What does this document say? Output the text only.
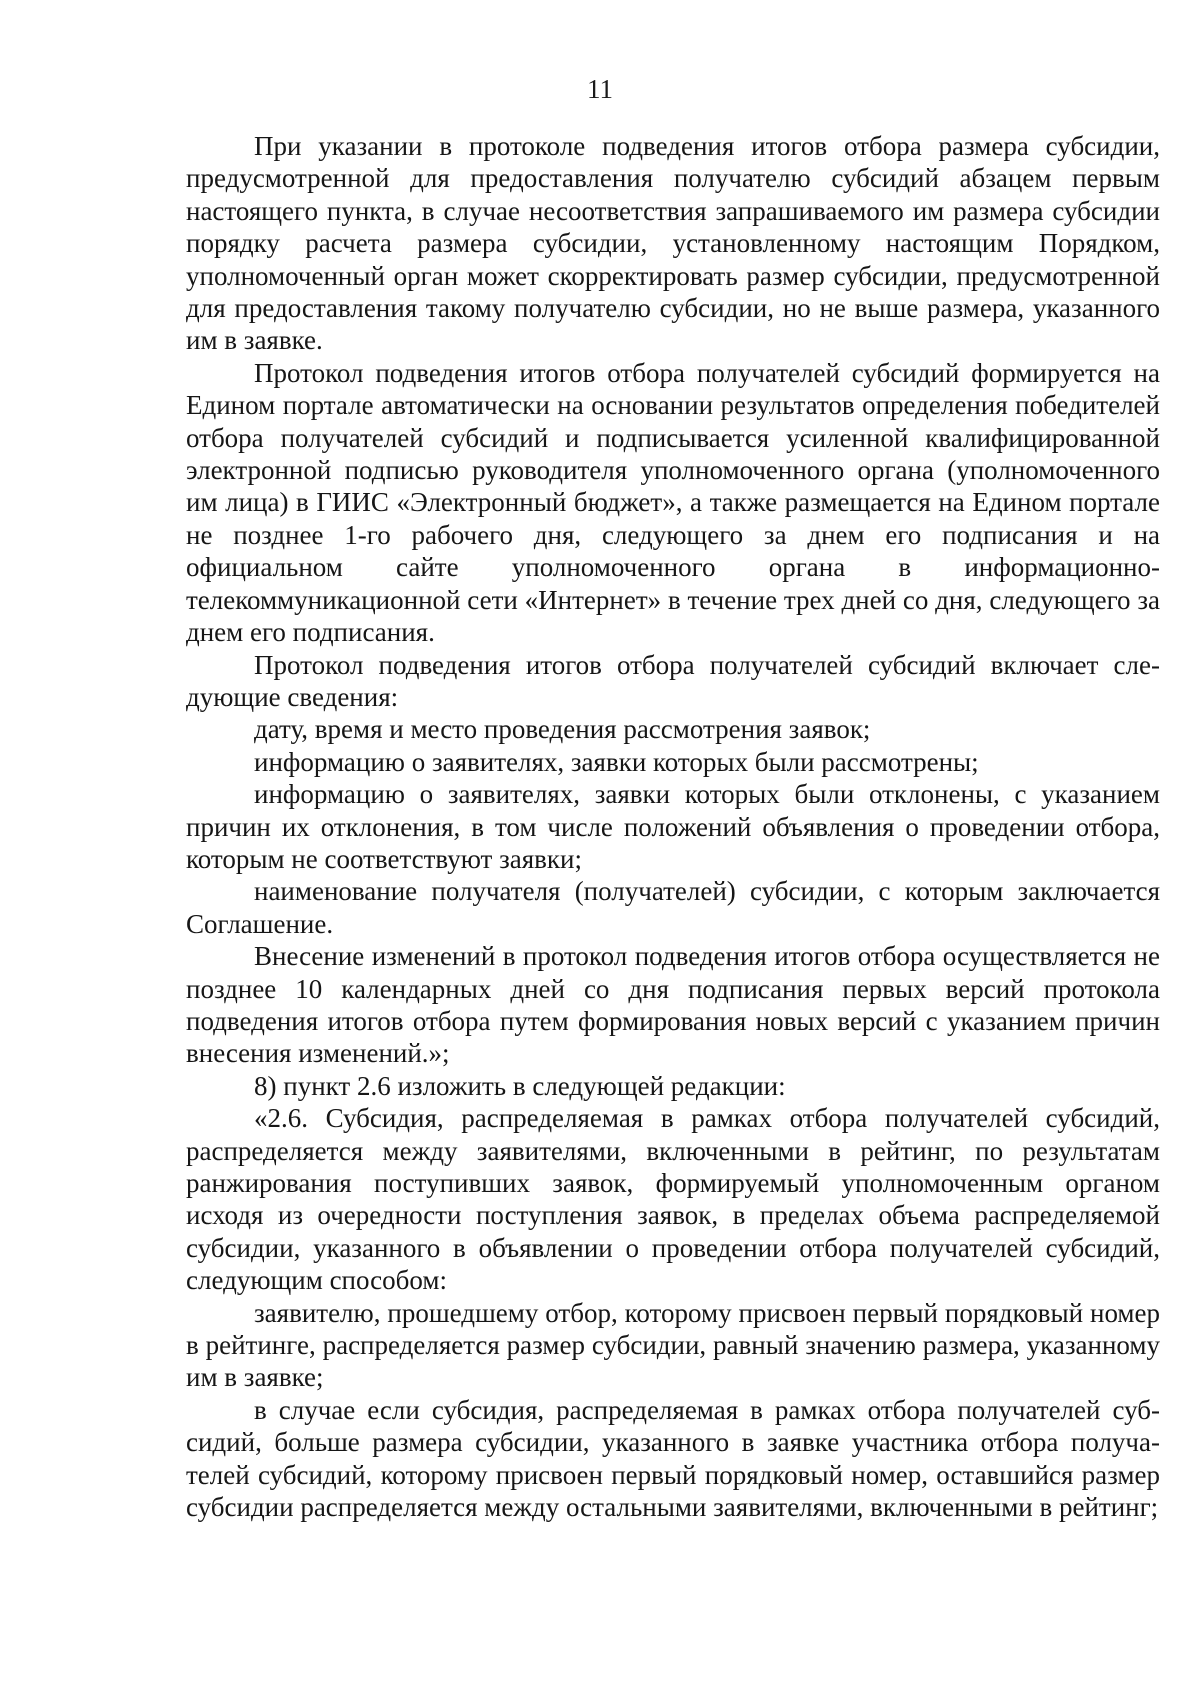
11

При указании в протоколе подведения итогов отбора размера субсидии, предусмотренной для предоставления получателю субсидий абзацем первым настоящего пункта, в случае несоответствия запрашиваемого им размера субсидии порядку расчета размера субсидии, установленному настоящим Порядком, уполномоченный орган может скорректировать размер субсидии, предусмотренной для предоставления такому получателю субсидии, но не выше размера, указанного им в заявке.

Протокол подведения итогов отбора получателей субсидий формируется на Едином портале автоматически на основании результатов определения победителей отбора получателей субсидий и подписывается усиленной квалифицированной электронной подписью руководителя уполномоченного органа (уполномоченного им лица) в ГИИС «Электронный бюджет», а также размещается на Едином портале не позднее 1-го рабочего дня, следующего за днем его подписания и на официальном сайте уполномоченного органа в информационно-телекоммуникационной сети «Интернет» в течение трех дней со дня, следующего за днем его подписания.

Протокол подведения итогов отбора получателей субсидий включает следующие сведения:

дату, время и место проведения рассмотрения заявок;

информацию о заявителях, заявки которых были рассмотрены;

информацию о заявителях, заявки которых были отклонены, с указанием причин их отклонения, в том числе положений объявления о проведении отбора, которым не соответствуют заявки;

наименование получателя (получателей) субсидии, с которым заключается Соглашение.

Внесение изменений в протокол подведения итогов отбора осуществляется не позднее 10 календарных дней со дня подписания первых версий протокола подведения итогов отбора путем формирования новых версий с указанием причин внесения изменений.»;

8) пункт 2.6 изложить в следующей редакции:

«2.6. Субсидия, распределяемая в рамках отбора получателей субсидий, распределяется между заявителями, включенными в рейтинг, по результатам ранжирования поступивших заявок, формируемый уполномоченным органом исходя из очередности поступления заявок, в пределах объема распределяемой субсидии, указанного в объявлении о проведении отбора получателей субсидий, следующим способом:

заявителю, прошедшему отбор, которому присвоен первый порядковый номер в рейтинге, распределяется размер субсидии, равный значению размера, указанному им в заявке;

в случае если субсидия, распределяемая в рамках отбора получателей субсидий, больше размера субсидии, указанного в заявке участника отбора получателей субсидий, которому присвоен первый порядковый номер, оставшийся размер субсидии распределяется между остальными заявителями, включенными в рейтинг;
